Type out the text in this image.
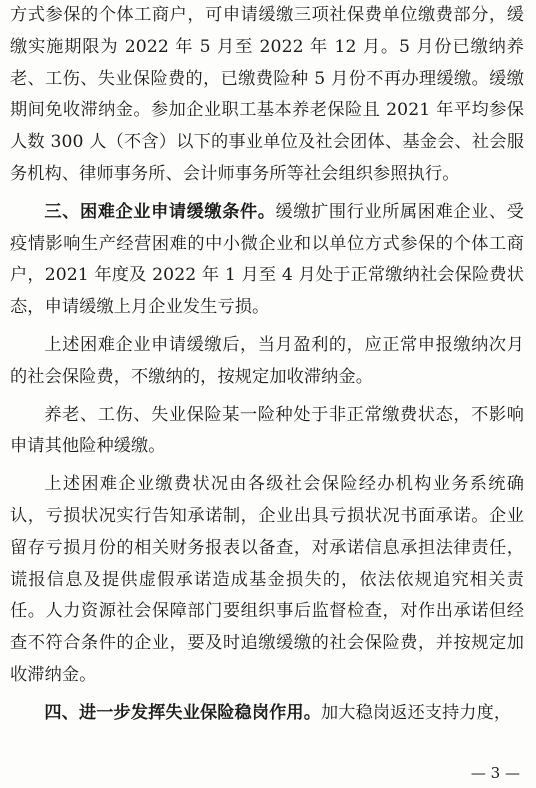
方式参保的个体工商户，可申请缓缴三项社保费单位缴费部分，缓缴实施期限为 2022 年 5 月至 2022 年 12 月。5 月份已缴纳养老、工伤、失业保险费的，已缴费险种 5 月份不再办理缓缴。缓缴期间免收滞纳金。参加企业职工基本养老保险且 2021 年平均参保人数 300 人（不含）以下的事业单位及社会团体、基金会、社会服务机构、律师事务所、会计师事务所等社会组织参照执行。

三、困难企业申请缓缴条件。缓缴扩围行业所属困难企业、受疫情影响生产经营困难的中小微企业和以单位方式参保的个体工商户，2021 年度及 2022 年 1 月至 4 月处于正常缴纳社会保险费状态，申请缓缴上月企业发生亏损。

上述困难企业申请缓缴后，当月盈利的，应正常申报缴纳次月的社会保险费，不缴纳的，按规定加收滞纳金。

养老、工伤、失业保险某一险种处于非正常缴费状态，不影响申请其他险种缓缴。

上述困难企业缴费状况由各级社会保险经办机构业务系统确认，亏损状况实行告知承诺制，企业出具亏损状况书面承诺。企业留存亏损月份的相关财务报表以备查，对承诺信息承担法律责任，谎报信息及提供虚假承诺造成基金损失的，依法依规追究相关责任。人力资源社会保障部门要组织事后监督检查，对作出承诺但经查不符合条件的企业，要及时追缴缓缴的社会保险费，并按规定加收滞纳金。

四、进一步发挥失业保险稳岗作用。加大稳岗返还支持力度，

— 3 —
